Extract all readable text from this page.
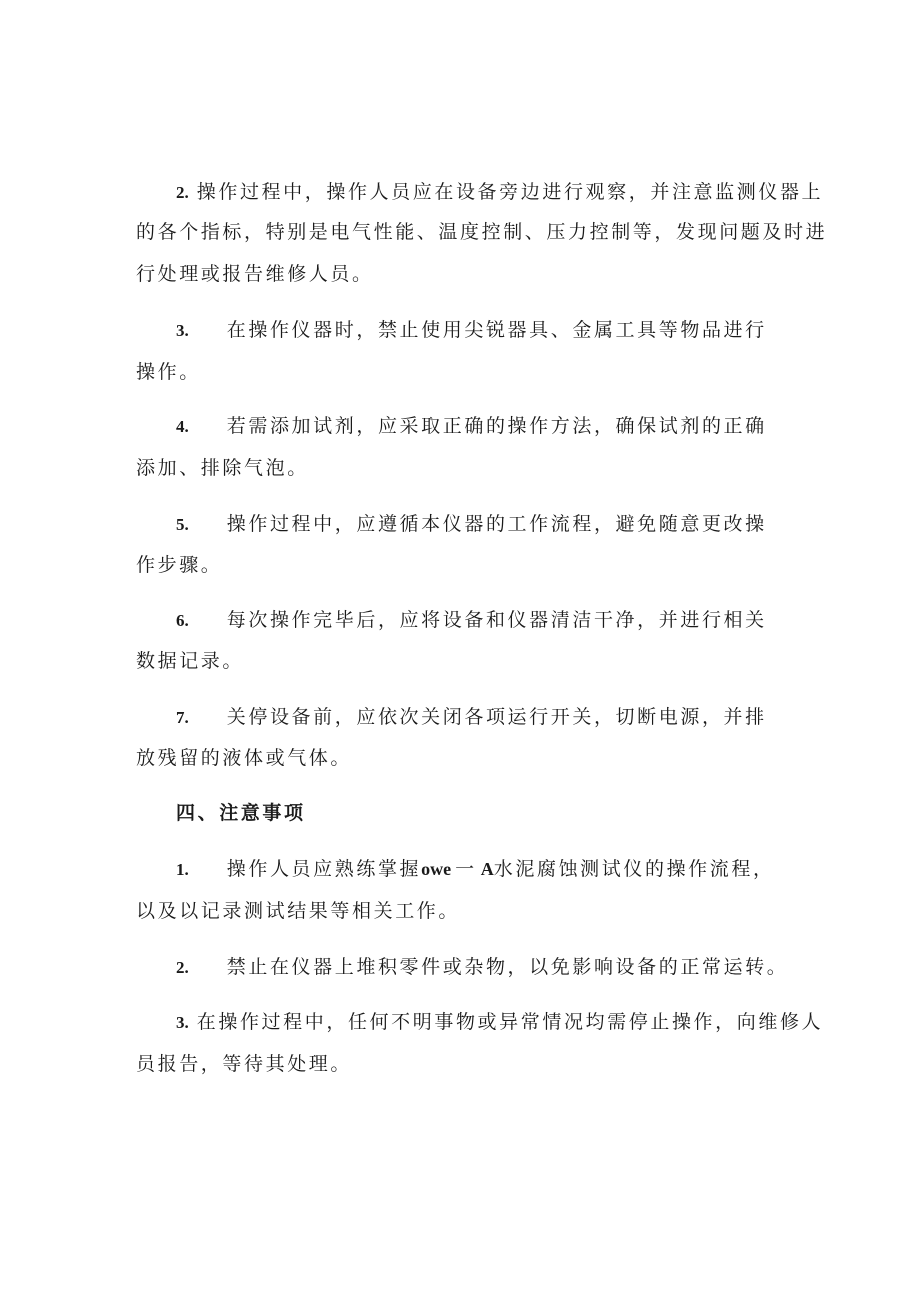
2. 操作过程中，操作人员应在设备旁边进行观察，并注意监测仪器上
的各个指标，特别是电气性能、温度控制、压力控制等，发现问题及时进
行处理或报告维修人员。
3. 在操作仪器时，禁止使用尖锐器具、金属工具等物品进行
操作。
4. 若需添加试剂，应采取正确的操作方法，确保试剂的正确
添加、排除气泡。
5. 操作过程中，应遵循本仪器的工作流程，避免随意更改操
作步骤。
6. 每次操作完毕后，应将设备和仪器清洁干净，并进行相关
数据记录。
7. 关停设备前，应依次关闭各项运行开关，切断电源，并排
放残留的液体或气体。
四、注意事项
1. 操作人员应熟练掌握owe 一 A水泥腐蚀测试仪的操作流程，
以及以记录测试结果等相关工作。
2. 禁止在仪器上堆积零件或杂物，以免影响设备的正常运转。
3. 在操作过程中，任何不明事物或异常情况均需停止操作，向维修人
员报告，等待其处理。
